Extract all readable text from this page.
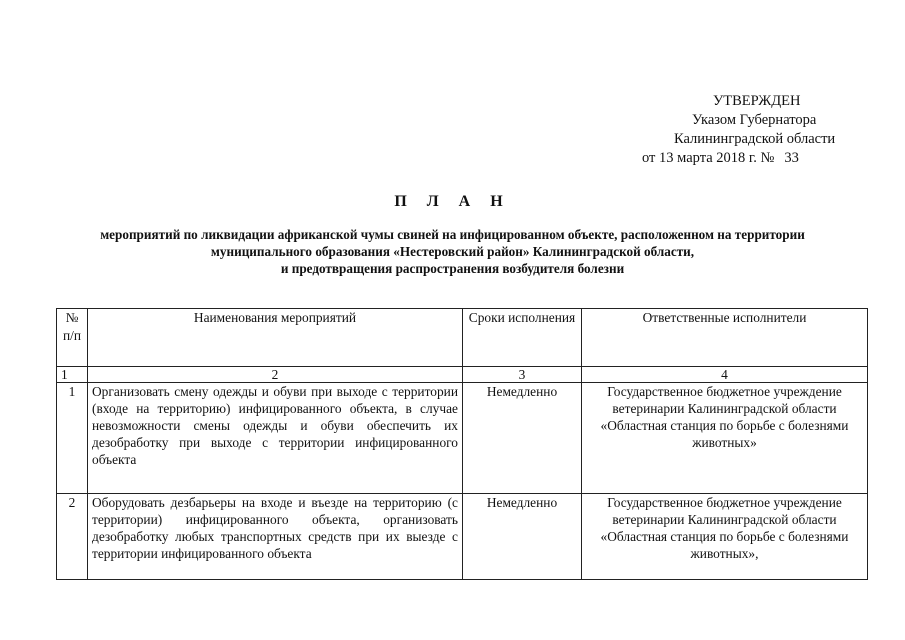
УТВЕРЖДЕН
Указом Губернатора
Калининградской области
от 13 марта 2018 г. № 33
П Л А Н
мероприятий по ликвидации африканской чумы свиней на инфицированном объекте, расположенном на территории
муниципального образования «Нестеровский район» Калининградской области,
и предотвращения распространения возбудителя болезни
№ п/п	Наименования мероприятий	Сроки исполнения	Ответственные исполнители
1	2	3	4
1	Организовать смену одежды и обуви при выходе с территории (входе на территорию) инфицированного объекта, в случае невозможности смены одежды и обуви обеспечить их дезобработку при выходе с территории инфицированного объекта	Немедленно	Государственное бюджетное учреждение ветеринарии Калининградской области «Областная станция по борьбе с болезнями животных»
2	Оборудовать дезбарьеры на входе и въезде на территорию (с территории) инфицированного объекта, организовать дезобработку любых транспортных средств при их выезде с территории инфицированного объекта	Немедленно	Государственное бюджетное учреждение ветеринарии Калининградской области «Областная станция по борьбе с болезнями животных»,
